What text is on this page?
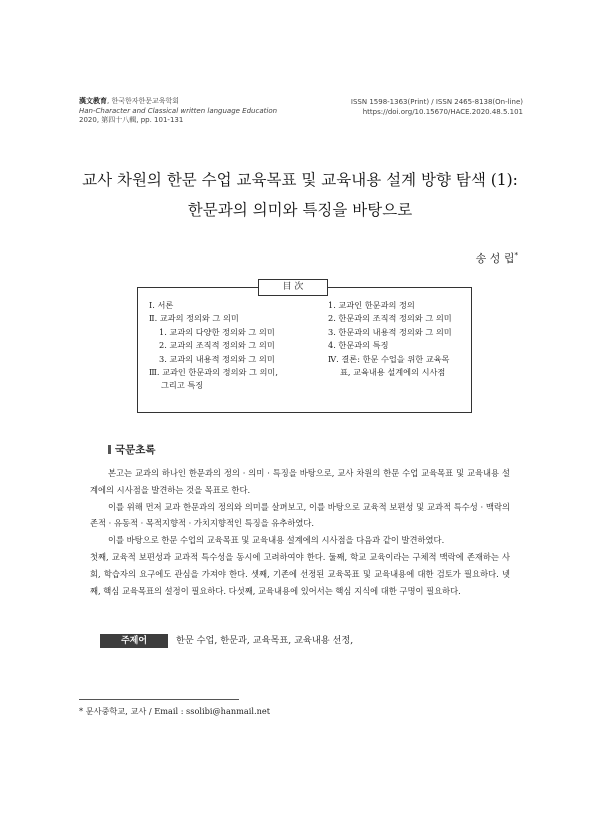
漢文教育, 한국한자한문교육학회
Han-Character and Classical written language Education
2020, 第四十八輯, pp. 101-131
ISSN 1598-1363(Print) / ISSN 2465-8138(On-line)
https://doi.org/10.15670/HACE.2020.48.5.101
교사 차원의 한문 수업 교육목표 및 교육내용 설계 방향 탐색 (1):
한문과의 의미와 특징을 바탕으로
송 성 립*
目 次
Ⅰ. 서론
Ⅱ. 교과의 정의와 그 의미
1. 교과의 다양한 정의와 그 의미
2. 교과의 조직적 정의와 그 의미
3. 교과의 내용적 정의와 그 의미
Ⅲ. 교과인 한문과의 정의와 그 의미,
그리고 특징
1. 교과인 한문과의 정의
2. 한문과의 조직적 정의와 그 의미
3. 한문과의 내용적 정의와 그 의미
4. 한문과의 특징
Ⅳ. 결론: 한문 수업을 위한 교육목
표, 교육내용 설계에의 시사점
국문초록

본고는 교과의 하나인 한문과의 정의 · 의미 · 특징을 바탕으로, 교사 차원의 한문 수업 교육목표 및 교육내용 설계에의 시사점을 발견하는 것을 목표로 한다.

이를 위해 먼저 교과 한문과의 정의와 의미를 살펴보고, 이를 바탕으로 교육적 보편성 및 교과적 특수성 · 맥락의존적 · 유동적 · 목적지향적 · 가치지향적인 특징을 유추하였다.

이를 바탕으로 한문 수업의 교육목표 및 교육내용 설계에의 시사점을 다음과 같이 발견하였다.

첫째, 교육적 보편성과 교과적 특수성을 동시에 고려하여야 한다. 둘째, 학교 교육이라는 구체적 맥락에 존재하는 사회, 학습자의 요구에도 관심을 가져야 한다. 셋째, 기존에 선정된 교육목표 및 교육내용에 대한 검토가 필요하다. 넷째, 핵심 교육목표의 설정이 필요하다. 다섯째, 교육내용에 있어서는 핵심 지식에 대한 구명이 필요하다.

주제어	한문 수업, 한문과, 교육목표, 교육내용 선정,
* 문사중학교, 교사 / Email : ssolibi@hanmail.net
